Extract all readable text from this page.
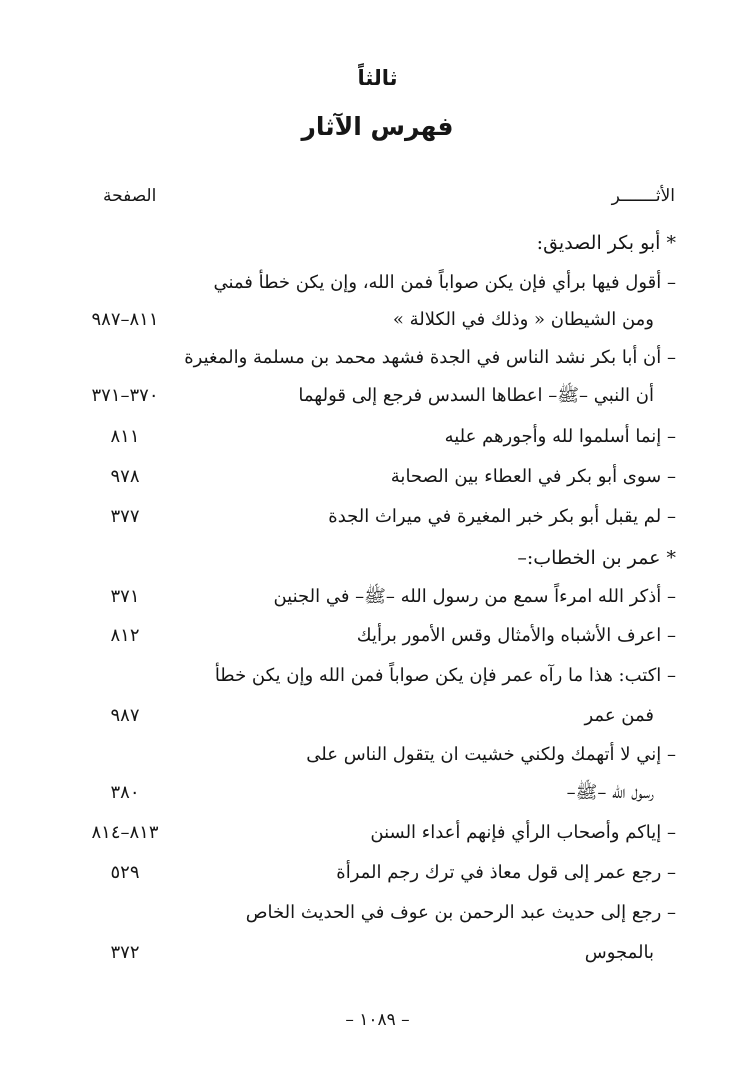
ثالثاً
فهرس الآثار
الأثـــــــر
الصفحة
* أبو بكر الصديق:
– أقول فيها برأي فإن يكن صواباً فمن الله، وإن يكن خطأ فمني
ومن الشيطان « وذلك في الكلالة »
٨١١–٩٨٧
– أن أبا بكر نشد الناس في الجدة فشهد محمد بن مسلمة والمغيرة
أن النبي –ﷺ– اعطاها السدس فرجع إلى قولهما
٣٧٠–٣٧١
– إنما أسلموا لله وأجورهم عليه
٨١١
– سوى أبو بكر في العطاء بين الصحابة
٩٧٨
– لم يقبل أبو بكر خبر المغيرة في ميراث الجدة
٣٧٧
* عمر بن الخطاب:–
– أذكر الله امرءاً سمع من رسول الله –ﷺ– في الجنين
٣٧١
– اعرف الأشباه والأمثال وقس الأمور برأيك
٨١٢
– اكتب: هذا ما رآه عمر فإن يكن صواباً فمن الله وإن يكن خطأ
فمن عمر
٩٨٧
– إني لا أتهمك ولكني خشيت ان يتقول الناس على
رسول الله –ﷺ–
٣٨٠
– إياكم وأصحاب الرأي فإنهم أعداء السنن
٨١٣–٨١٤
– رجع عمر إلى قول معاذ في ترك رجم المرأة
٥٢٩
– رجع إلى حديث عبد الرحمن بن عوف في الحديث الخاص
بالمجوس
٣٧٢

– ١٠٨٩ –
